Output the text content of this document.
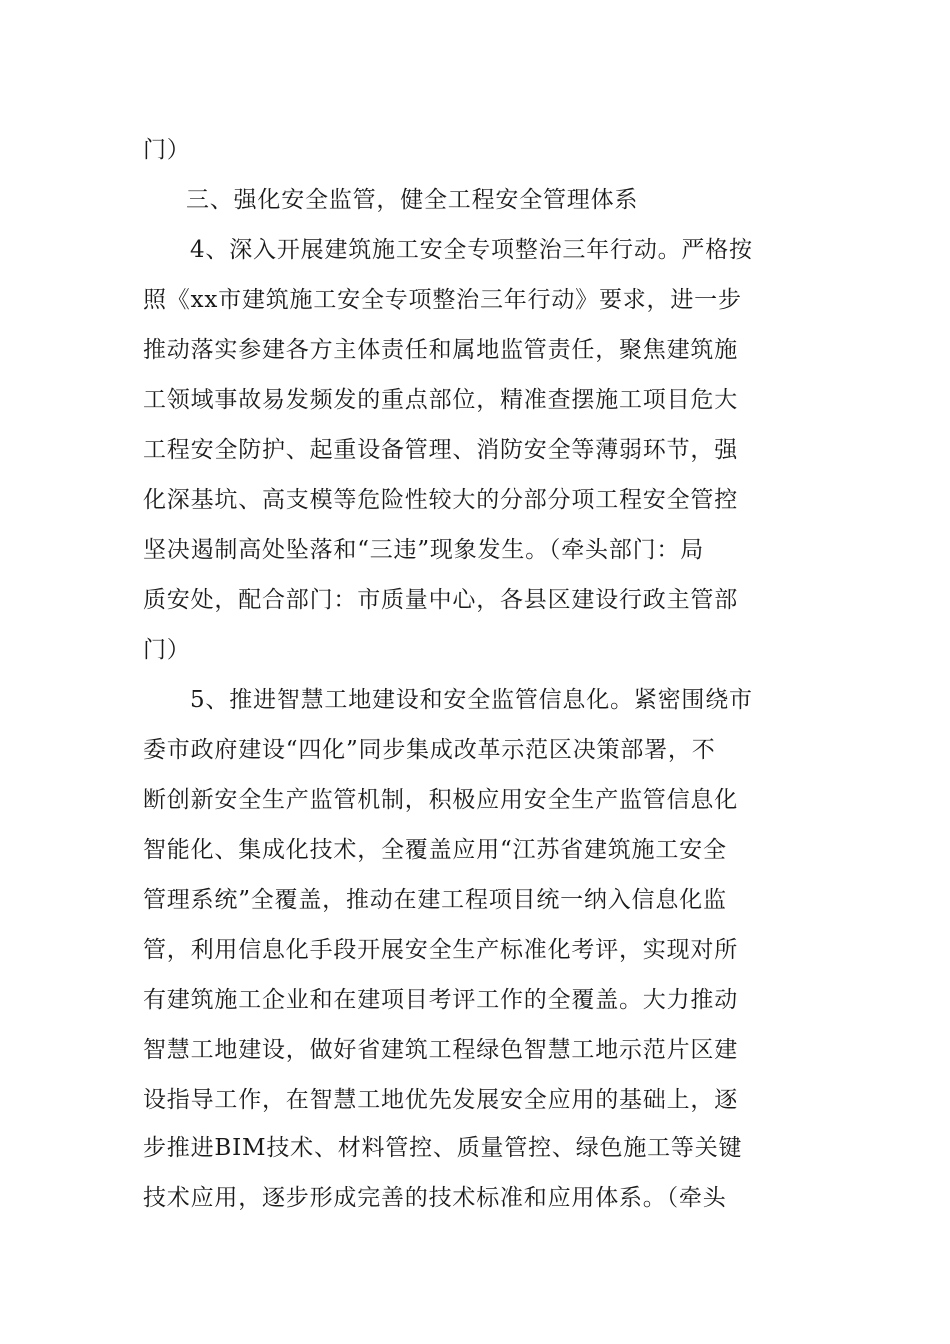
门）
三、强化安全监管，健全工程安全管理体系
4、深入开展建筑施工安全专项整治三年行动。严格按
照《xx市建筑施工安全专项整治三年行动》要求，进一步
推动落实参建各方主体责任和属地监管责任，聚焦建筑施
工领域事故易发频发的重点部位，精准查摆施工项目危大
工程安全防护、起重设备管理、消防安全等薄弱环节，强
化深基坑、高支模等危险性较大的分部分项工程安全管控
坚决遏制高处坠落和“三违”现象发生。（牵头部门：局
质安处，配合部门：市质量中心，各县区建设行政主管部
门）
5、推进智慧工地建设和安全监管信息化。紧密围绕市
委市政府建设“四化”同步集成改革示范区决策部署，不
断创新安全生产监管机制，积极应用安全生产监管信息化
智能化、集成化技术，全覆盖应用“江苏省建筑施工安全
管理系统”全覆盖，推动在建工程项目统一纳入信息化监
管，利用信息化手段开展安全生产标准化考评，实现对所
有建筑施工企业和在建项目考评工作的全覆盖。大力推动
智慧工地建设，做好省建筑工程绿色智慧工地示范片区建
设指导工作，在智慧工地优先发展安全应用的基础上，逐
步推进BIM技术、材料管控、质量管控、绿色施工等关键
技术应用，逐步形成完善的技术标准和应用体系。（牵头
